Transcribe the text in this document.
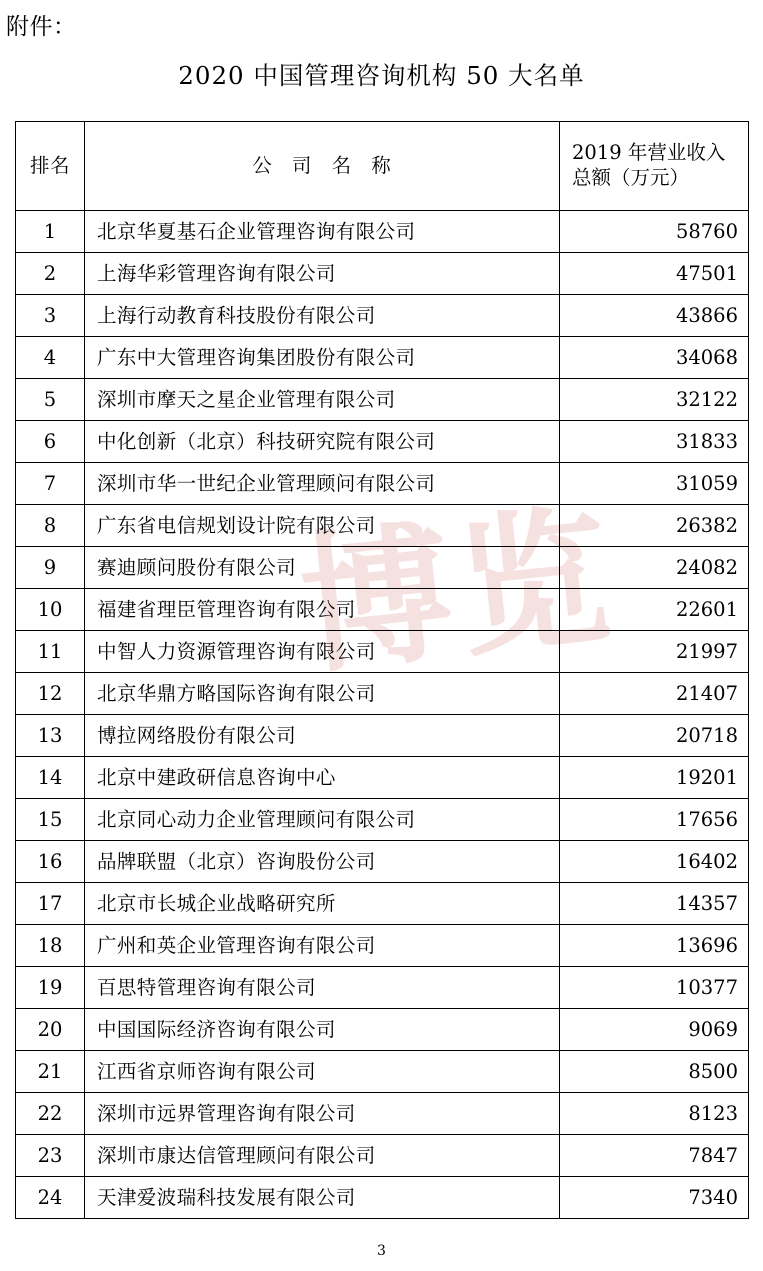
附件：
2020 中国管理咨询机构 50 大名单
博览
排名	公 司 名 称	2019 年营业收入
总额（万元）

1	北京华夏基石企业管理咨询有限公司	58760
2	上海华彩管理咨询有限公司	47501
3	上海行动教育科技股份有限公司	43866
4	广东中大管理咨询集团股份有限公司	34068
5	深圳市摩天之星企业管理有限公司	32122
6	中化创新（北京）科技研究院有限公司	31833
7	深圳市华一世纪企业管理顾问有限公司	31059
8	广东省电信规划设计院有限公司	26382
9	赛迪顾问股份有限公司	24082
10	福建省理臣管理咨询有限公司	22601
11	中智人力资源管理咨询有限公司	21997
12	北京华鼎方略国际咨询有限公司	21407
13	博拉网络股份有限公司	20718
14	北京中建政研信息咨询中心	19201
15	北京同心动力企业管理顾问有限公司	17656
16	品牌联盟（北京）咨询股份公司	16402
17	北京市长城企业战略研究所	14357
18	广州和英企业管理咨询有限公司	13696
19	百思特管理咨询有限公司	10377
20	中国国际经济咨询有限公司	9069
21	江西省京师咨询有限公司	8500
22	深圳市远界管理咨询有限公司	8123
23	深圳市康达信管理顾问有限公司	7847
24	天津爱波瑞科技发展有限公司	7340
3
